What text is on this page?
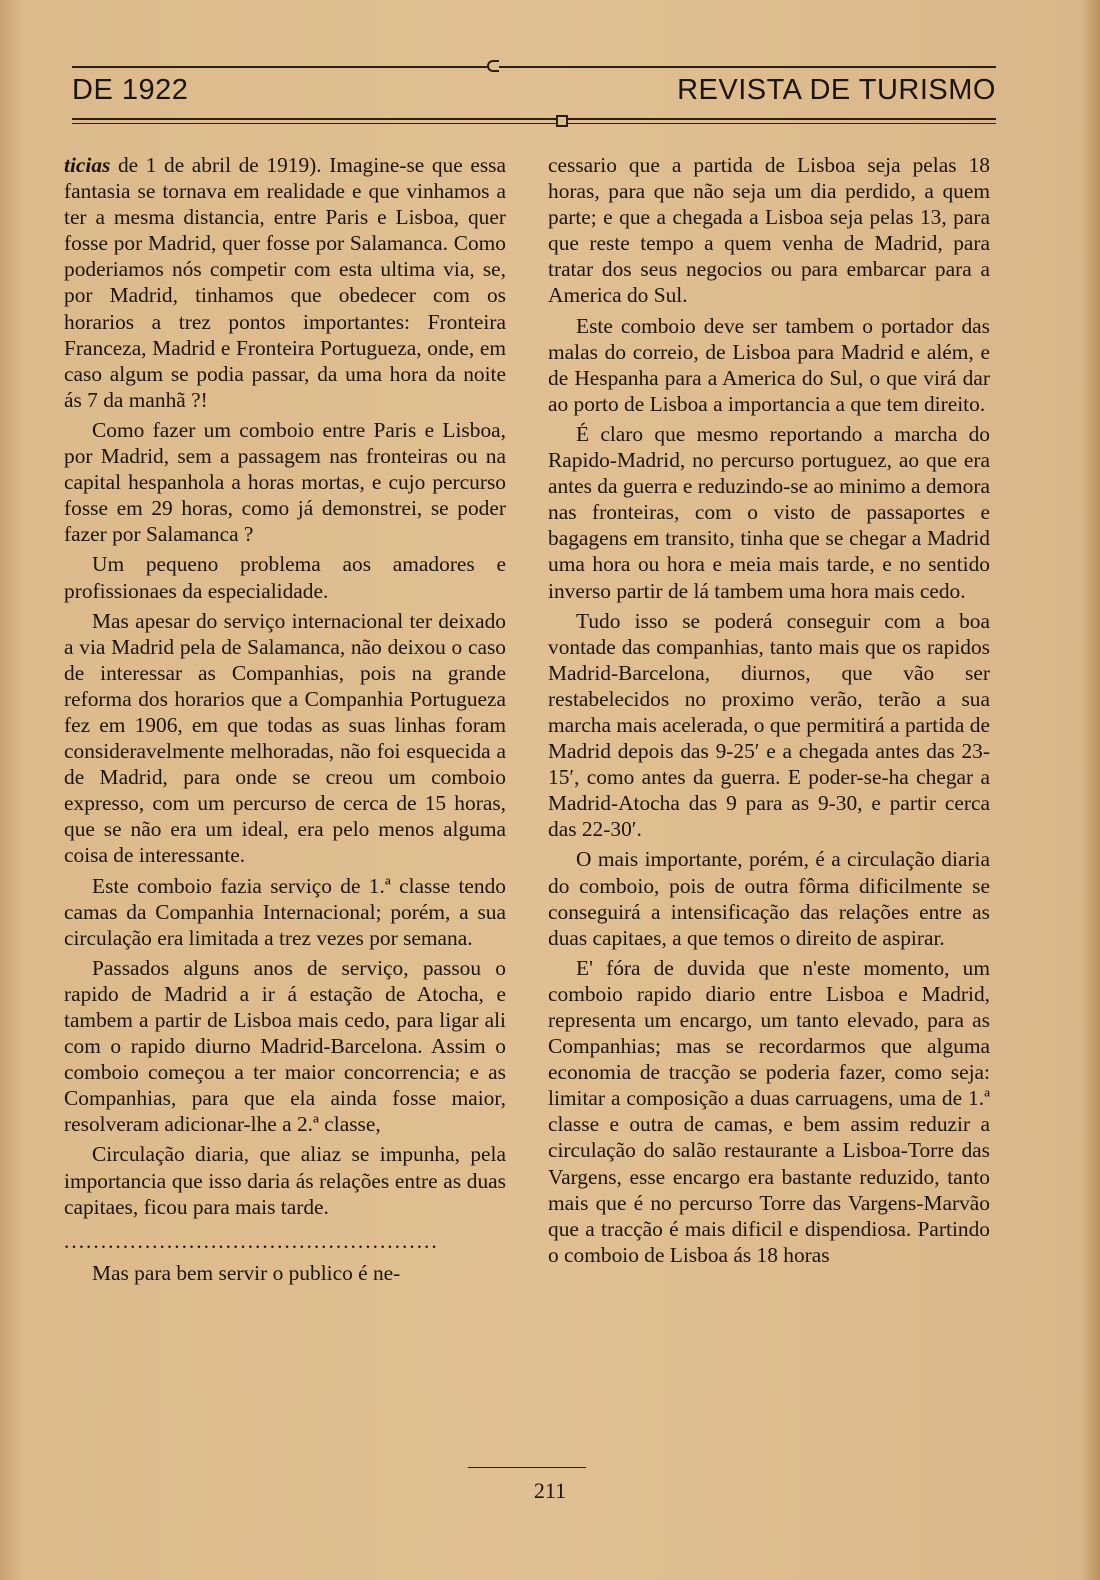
DE 1922	REVISTA DE TURISMO

ticias de 1 de abril de 1919). Imagine-se que essa fantasia se tornava em realidade e que vinhamos a ter a mesma distancia, entre Paris e Lisboa, quer fosse por Madrid, quer fosse por Salamanca. Como poderiamos nós competir com esta ultima via, se, por Madrid, tinhamos que obedecer com os horarios a trez pontos importantes: Fronteira Franceza, Madrid e Fronteira Portugueza, onde, em caso algum se podia passar, da uma hora da noite ás 7 da manhã ?!

Como fazer um comboio entre Paris e Lisboa, por Madrid, sem a passagem nas fronteiras ou na capital hespanhola a horas mortas, e cujo percurso fosse em 29 horas, como já demonstrei, se poder fazer por Salamanca ?

Um pequeno problema aos amadores e profissionaes da especialidade.

Mas apesar do serviço internacional ter deixado a via Madrid pela de Salamanca, não deixou o caso de interessar as Companhias, pois na grande reforma dos horarios que a Companhia Portugueza fez em 1906, em que todas as suas linhas foram consideravelmente melhoradas, não foi esquecida a de Madrid, para onde se creou um comboio expresso, com um percurso de cerca de 15 horas, que se não era um ideal, era pelo menos alguma coisa de interessante.

Este comboio fazia serviço de 1.ª classe tendo camas da Companhia Internacional; porém, a sua circulação era limitada a trez vezes por semana.

Passados alguns anos de serviço, passou o rapido de Madrid a ir á estação de Atocha, e tambem a partir de Lisboa mais cedo, para ligar ali com o rapido diurno Madrid-Barcelona. Assim o comboio começou a ter maior concorrencia; e as Companhias, para que ela ainda fosse maior, resolveram adicionar-lhe a 2.ª classe,

Circulação diaria, que aliaz se impunha, pela importancia que isso daria ás relações entre as duas capitaes, ficou para mais tarde.

...................................................

Mas para bem servir o publico é ne-

cessario que a partida de Lisboa seja pelas 18 horas, para que não seja um dia perdido, a quem parte; e que a chegada a Lisboa seja pelas 13, para que reste tempo a quem venha de Madrid, para tratar dos seus negocios ou para embarcar para a America do Sul.

Este comboio deve ser tambem o portador das malas do correio, de Lisboa para Madrid e além, e de Hespanha para a America do Sul, o que virá dar ao porto de Lisboa a importancia a que tem direito.

É claro que mesmo reportando a marcha do Rapido-Madrid, no percurso portuguez, ao que era antes da guerra e reduzindo-se ao minimo a demora nas fronteiras, com o visto de passaportes e bagagens em transito, tinha que se chegar a Madrid uma hora ou hora e meia mais tarde, e no sentido inverso partir de lá tambem uma hora mais cedo.

Tudo isso se poderá conseguir com a boa vontade das companhias, tanto mais que os rapidos Madrid-Barcelona, diurnos, que vão ser restabelecidos no proximo verão, terão a sua marcha mais acelerada, o que permitirá a partida de Madrid depois das 9-25′ e a chegada antes das 23-15′, como antes da guerra. E poder-se-ha chegar a Madrid-Atocha das 9 para as 9-30, e partir cerca das 22-30′.

O mais importante, porém, é a circulação diaria do comboio, pois de outra fôrma dificilmente se conseguirá a intensificação das relações entre as duas capitaes, a que temos o direito de aspirar.

E' fóra de duvida que n'este momento, um comboio rapido diario entre Lisboa e Madrid, representa um encargo, um tanto elevado, para as Companhias; mas se recordarmos que alguma economia de tracção se poderia fazer, como seja: limitar a composição a duas carruagens, uma de 1.ª classe e outra de camas, e bem assim reduzir a circulação do salão restaurante a Lisboa-Torre das Vargens, esse encargo era bastante reduzido, tanto mais que é no percurso Torre das Vargens-Marvão que a tracção é mais dificil e dispendiosa. Partindo o comboio de Lisboa ás 18 horas

211
